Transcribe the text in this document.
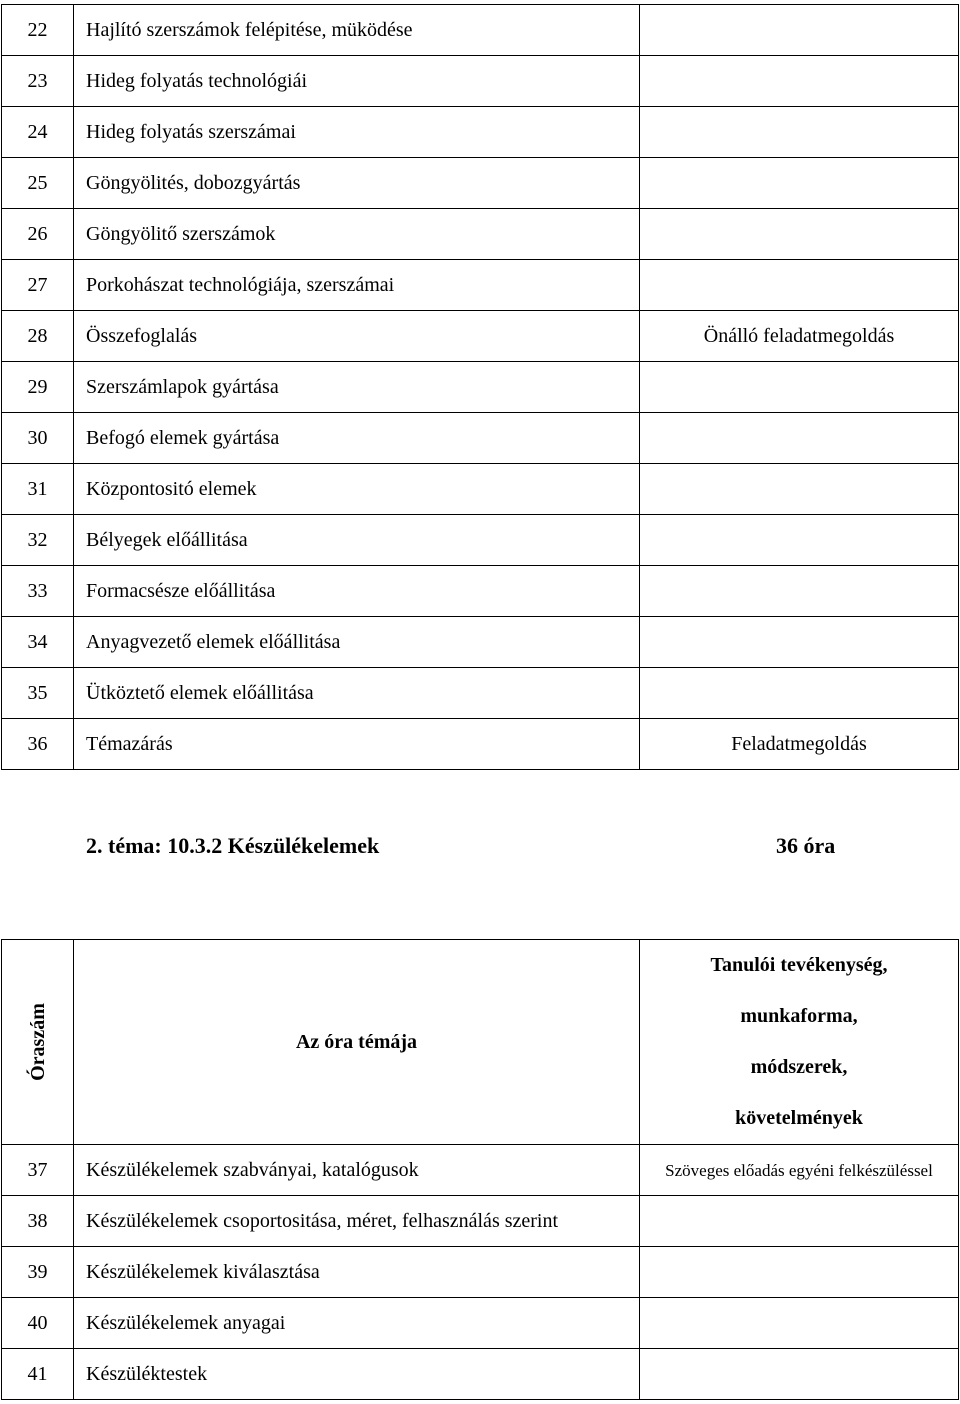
22	Hajlító szerszámok felépitése, müködése	
23	Hideg folyatás technológiái	
24	Hideg folyatás szerszámai	
25	Göngyölités, dobozgyártás	
26	Göngyölitő szerszámok	
27	Porkohászat technológiája, szerszámai	
28	Összefoglalás	Önálló feladatmegoldás
29	Szerszámlapok gyártása	
30	Befogó elemek gyártása	
31	Központositó elemek	
32	Bélyegek előállitása	
33	Formacsésze előállitása	
34	Anyagvezető elemek előállitása	
35	Ütköztető elemek előállitása	
36	Témazárás	Feladatmegoldás
2. téma: 10.3.2 Készülékelemek	36 óra
Óraszám	Az óra témája	Tanulói tevékenység,
munkaforma,
módszerek,
követelmények

37	Készülékelemek szabványai, katalógusok	Szöveges előadás egyéni felkészüléssel
38	Készülékelemek csoportositása, méret, felhasználás szerint	
39	Készülékelemek kiválasztása	
40	Készülékelemek anyagai	
41	Készüléktestek	
